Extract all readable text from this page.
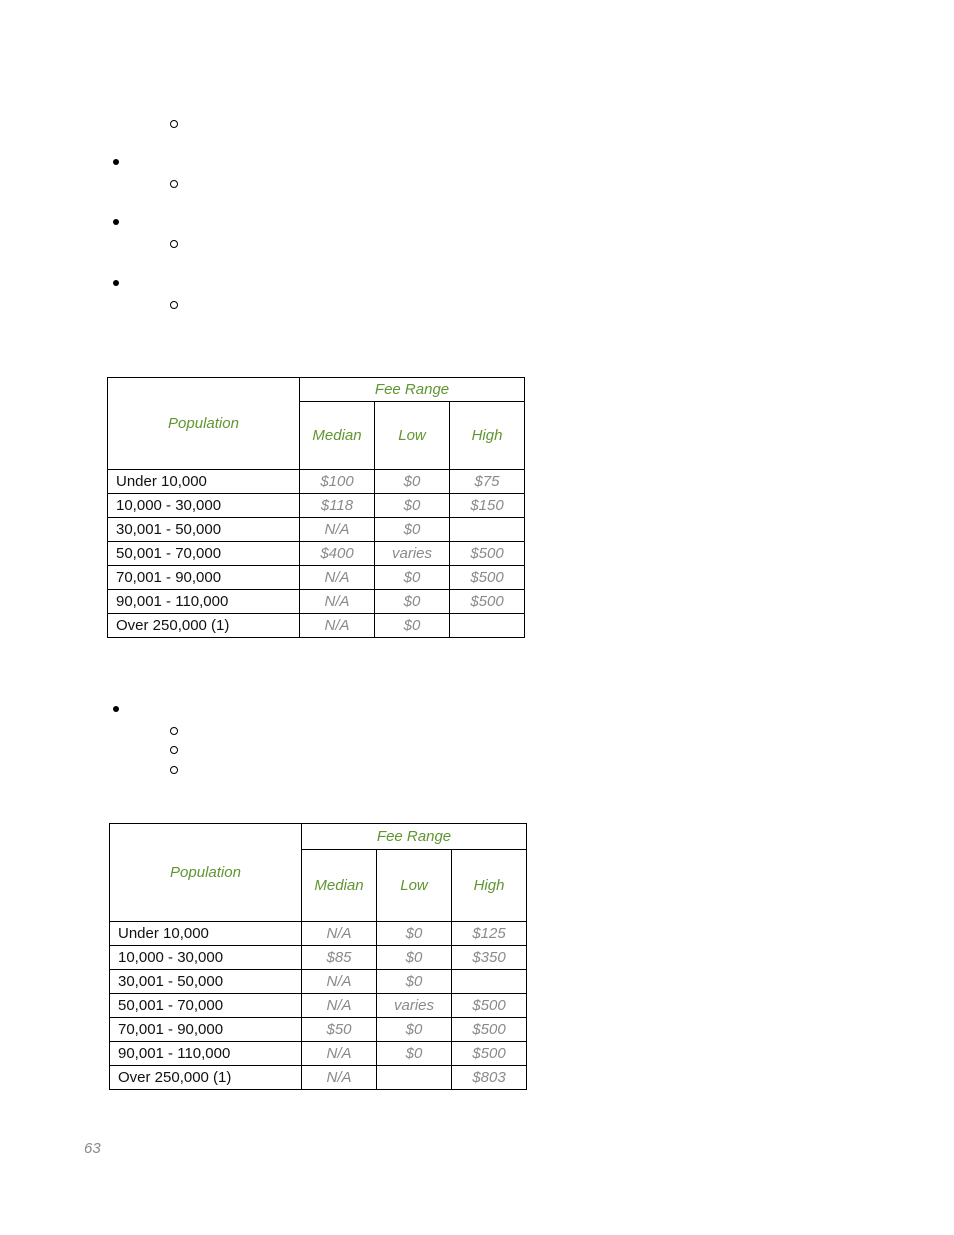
Population	Fee Range		
	Median	Low	High
Under 10,000	$100	$0	$75
10,000 - 30,000	$118	$0	$150
30,001 - 50,000	N/A	$0	
50,001 - 70,000	$400	varies	$500
70,001 - 90,000	N/A	$0	$500
90,001 - 110,000	N/A	$0	$500
Over 250,000 (1)	N/A	$0	
Population	Fee Range		
	Median	Low	High
Under 10,000	N/A	$0	$125
10,000 - 30,000	$85	$0	$350
30,001 - 50,000	N/A	$0	
50,001 - 70,000	N/A	varies	$500
70,001 - 90,000	$50	$0	$500
90,001 - 110,000	N/A	$0	$500
Over 250,000 (1)	N/A		$803
63
